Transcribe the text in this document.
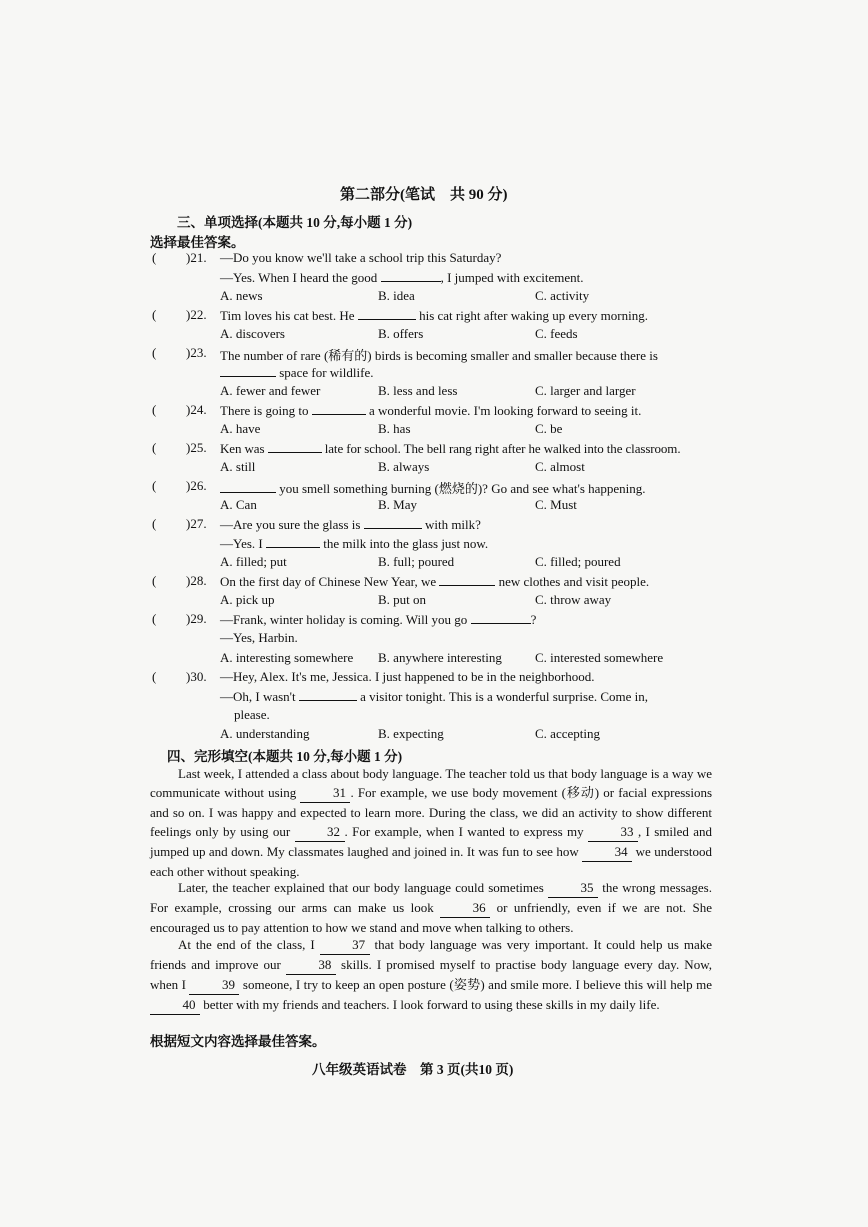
第二部分(笔试　共 90 分)
三、单项选择(本题共 10 分,每小题 1 分)
选择最佳答案。
( )21. —Do you know we'll take a school trip this Saturday?
—Yes. When I heard the good	, I jumped with excitement.
A. news	B. idea	C. activity
( )22. Tim loves his cat best. He	his cat right after waking up every morning.
A. discovers	B. offers	C. feeds
( )23. The number of rare (稀有的) birds is becoming smaller and smaller because there is
space for wildlife.
A. fewer and fewer	B. less and less	C. larger and larger
( )24. There is going to	a wonderful movie. I'm looking forward to seeing it.
A. have	B. has	C. be
( )25. Ken was	late for school. The bell rang right after he walked into the classroom.
A. still	B. always	C. almost
( )26.	you smell something burning (燃烧的)? Go and see what's happening.
A. Can	B. May	C. Must
( )27. —Are you sure the glass is	with milk?
—Yes. I	the milk into the glass just now.
A. filled; put	B. full; poured	C. filled; poured
( )28. On the first day of Chinese New Year, we	new clothes and visit people.
A. pick up	B. put on	C. throw away
( )29. —Frank, winter holiday is coming. Will you go	?
—Yes, Harbin.
A. interesting somewhere B. anywhere interesting	C. interested somewhere
( )30. —Hey, Alex. It's me, Jessica. I just happened to be in the neighborhood.
—Oh, I wasn't	a visitor tonight. This is a wonderful surprise. Come in,
please.
A. understanding	B. expecting	C. accepting
四、完形填空(本题共 10 分,每小题 1 分)
Last week, I attended a class about body language. The teacher told us that body language is a way we communicate without using	31 . For example, we use body movement (移动) or facial expressions and so on. I was happy and expected to learn more. During the class, we did an activity to show different feelings only by using our	32 . For example, when I wanted to express my	33 , I smiled and jumped up and down. My classmates laughed and joined in. It was fun to see how	34 we understood each other without speaking.
Later, the teacher explained that our body language could sometimes	35 the wrong messages. For example, crossing our arms can make us look	36 or unfriendly, even if we are not. She encouraged us to pay attention to how we stand and move when talking to others.
At the end of the class, I	37 that body language was very important. It could help us make friends and improve our	38 skills. I promised myself to practise body language every day. Now, when I	39 someone, I try to keep an open posture (姿势) and smile more. I believe this will help me 40 better with my friends and teachers. I look forward to using these skills in my daily life.
根据短文内容选择最佳答案。
八年级英语试卷　第 3 页(共10 页)
